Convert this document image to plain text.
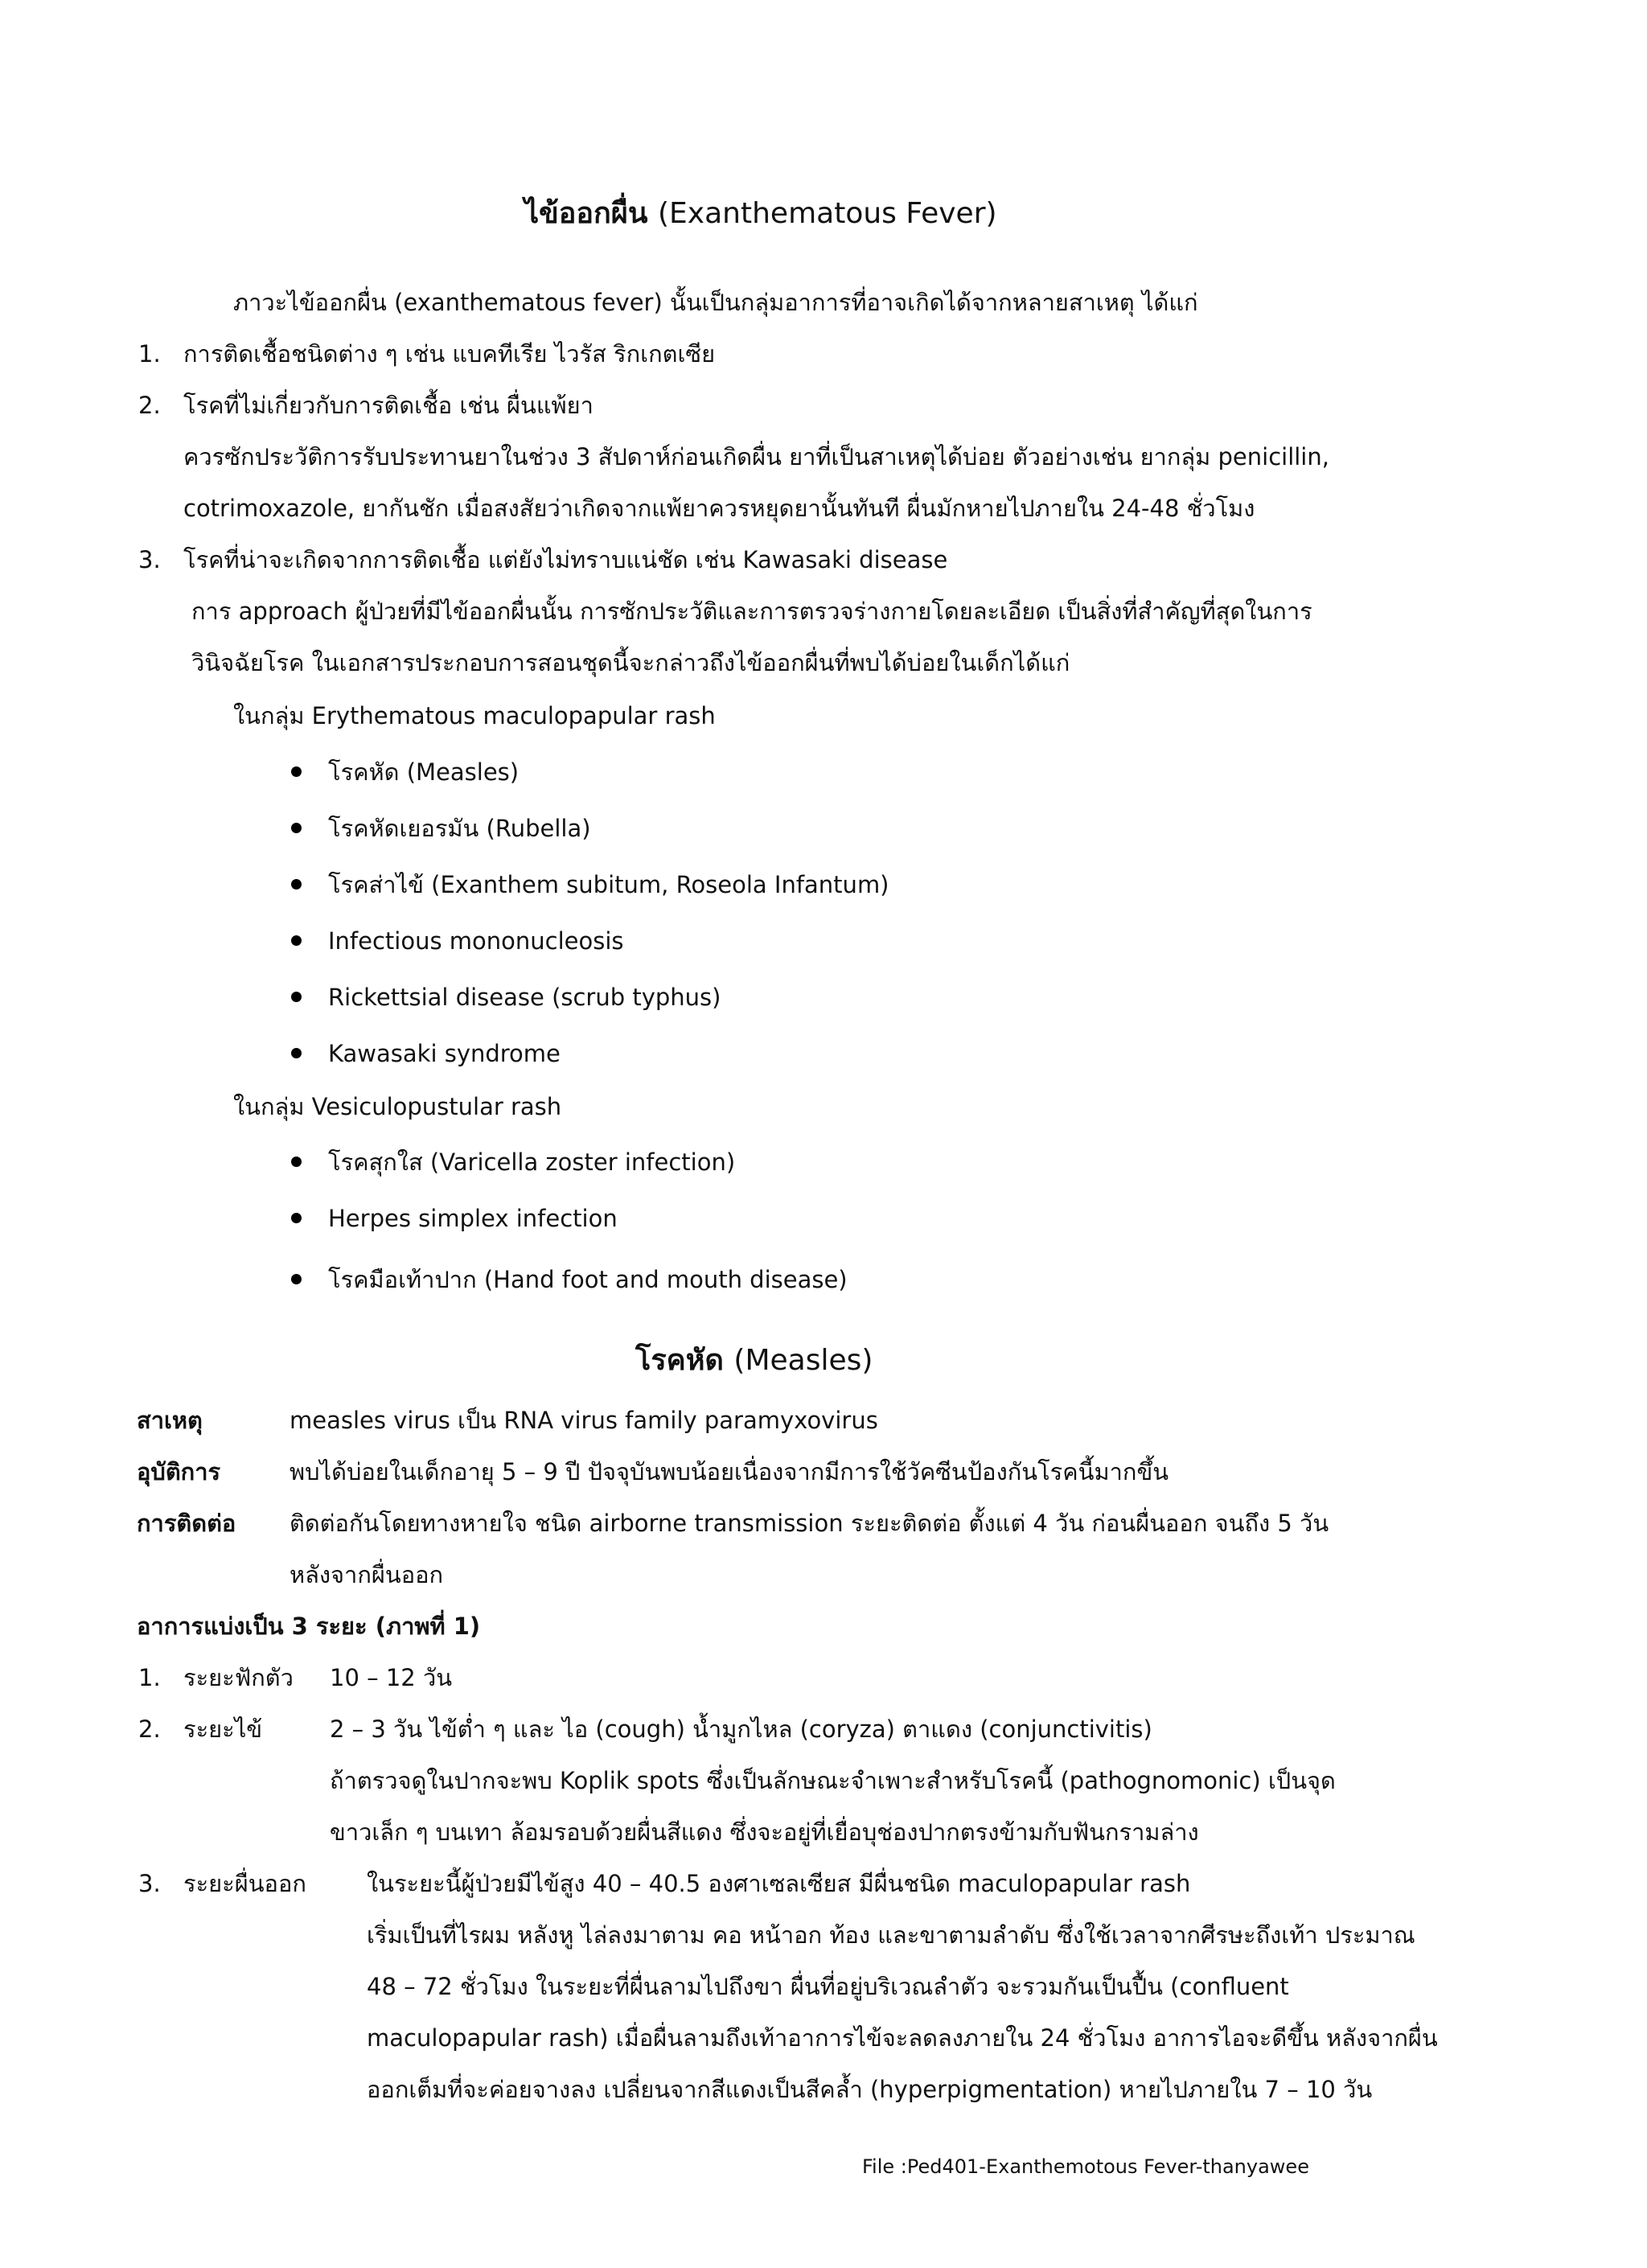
ไข้ออกผื่น (Exanthematous Fever)
ภาวะไข้ออกผื่น (exanthematous fever) นั้นเป็นกลุ่มอาการที่อาจเกิดได้จากหลายสาเหตุ ได้แก่
1. การติดเชื้อชนิดต่าง ๆ เช่น แบคทีเรีย ไวรัส ริกเกตเซีย
2. โรคที่ไม่เกี่ยวกับการติดเชื้อ เช่น ผื่นแพ้ยา
ควรซักประวัติการรับประทานยาในช่วง 3 สัปดาห์ก่อนเกิดผื่น ยาที่เป็นสาเหตุได้บ่อย ตัวอย่างเช่น ยากลุ่ม penicillin,
cotrimoxazole, ยากันชัก เมื่อสงสัยว่าเกิดจากแพ้ยาควรหยุดยานั้นทันที ผื่นมักหายไปภายใน 24-48 ชั่วโมง
3. โรคที่น่าจะเกิดจากการติดเชื้อ แต่ยังไม่ทราบแน่ชัด เช่น Kawasaki disease
การ approach ผู้ป่วยที่มีไข้ออกผื่นนั้น การซักประวัติและการตรวจร่างกายโดยละเอียด เป็นสิ่งที่สำคัญที่สุดในการ
วินิจฉัยโรค ในเอกสารประกอบการสอนชุดนี้จะกล่าวถึงไข้ออกผื่นที่พบได้บ่อยในเด็กได้แก่
ในกลุ่ม Erythematous maculopapular rash
โรคหัด (Measles)
โรคหัดเยอรมัน (Rubella)
โรคส่าไข้ (Exanthem subitum, Roseola Infantum)
Infectious mononucleosis
Rickettsial disease (scrub typhus)
Kawasaki syndrome
ในกลุ่ม Vesiculopustular rash
โรคสุกใส (Varicella zoster infection)
Herpes simplex infection
โรคมือเท้าปาก (Hand foot and mouth disease)
โรคหัด (Measles)
สาเหตุ	measles virus เป็น RNA virus family paramyxovirus
อุบัติการ	พบได้บ่อยในเด็กอายุ 5 – 9 ปี ปัจจุบันพบน้อยเนื่องจากมีการใช้วัคซีนป้องกันโรคนี้มากขึ้น
การติดต่อ ติดต่อกันโดยทางหายใจ ชนิด airborne transmission ระยะติดต่อ ตั้งแต่ 4 วัน ก่อนผื่นออก จนถึง 5 วัน
หลังจากผื่นออก
อาการแบ่งเป็น 3 ระยะ (ภาพที่ 1)
1. ระยะฟักตัว 10 – 12 วัน
2. ระยะไข้	2 – 3 วัน ไข้ต่ำ ๆ และ ไอ (cough) น้ำมูกไหล (coryza) ตาแดง (conjunctivitis)
ถ้าตรวจดูในปากจะพบ Koplik spots ซึ่งเป็นลักษณะจำเพาะสำหรับโรคนี้ (pathognomonic) เป็นจุด
ขาวเล็ก ๆ บนเทา ล้อมรอบด้วยผื่นสีแดง ซึ่งจะอยู่ที่เยื่อบุช่องปากตรงข้ามกับฟันกรามล่าง
3. ระยะผื่นออก	ในระยะนี้ผู้ป่วยมีไข้สูง 40 – 40.5 องศาเซลเซียส มีผื่นชนิด maculopapular rash
เริ่มเป็นที่ไรผม หลังหู ไล่ลงมาตาม คอ หน้าอก ท้อง และขาตามลำดับ ซึ่งใช้เวลาจากศีรษะถึงเท้า ประมาณ
48 – 72 ชั่วโมง ในระยะที่ผื่นลามไปถึงขา ผื่นที่อยู่บริเวณลำตัว จะรวมกันเป็นปื้น (confluent
maculopapular rash) เมื่อผื่นลามถึงเท้าอาการไข้จะลดลงภายใน 24 ชั่วโมง อาการไอจะดีขึ้น หลังจากผื่น
ออกเต็มที่จะค่อยจางลง เปลี่ยนจากสีแดงเป็นสีคล้ำ (hyperpigmentation) หายไปภายใน 7 – 10 วัน
File :Ped401-Exanthemotous Fever-thanyawee
